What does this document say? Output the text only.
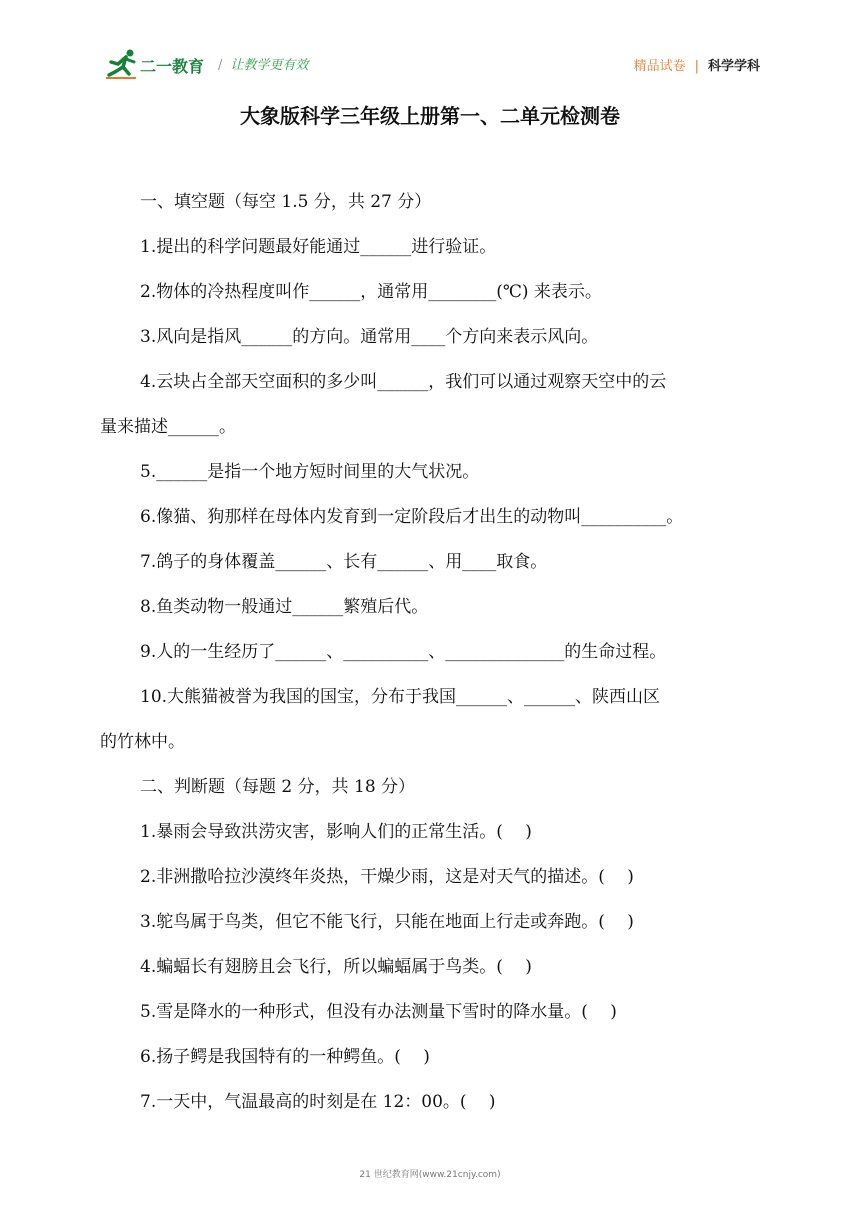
二一教育 / 让教学更有效	精品试卷 | 科学学科
大象版科学三年级上册第一、二单元检测卷
一、填空题（每空 1.5 分，共 27 分）
1.提出的科学问题最好能通过______进行验证。
2.物体的冷热程度叫作______，通常用________(℃) 来表示。
3.风向是指风______的方向。通常用____个方向来表示风向。
4.云块占全部天空面积的多少叫______，我们可以通过观察天空中的云
量来描述______。
5.______是指一个地方短时间里的大气状况。
6.像猫、狗那样在母体内发育到一定阶段后才出生的动物叫__________。
7.鸽子的身体覆盖______、长有______、用____取食。
8.鱼类动物一般通过______繁殖后代。
9.人的一生经历了______、__________、______________的生命过程。
10.大熊猫被誉为我国的国宝，分布于我国______、______、陕西山区
的竹林中。
二、判断题（每题 2 分，共 18 分）
1.暴雨会导致洪涝灾害，影响人们的正常生活。(　 )
2.非洲撒哈拉沙漠终年炎热，干燥少雨，这是对天气的描述。(　 )
3.鸵鸟属于鸟类，但它不能飞行，只能在地面上行走或奔跑。(　 )
4.蝙蝠长有翅膀且会飞行，所以蝙蝠属于鸟类。(　 )
5.雪是降水的一种形式，但没有办法测量下雪时的降水量。(　 )
6.扬子鳄是我国特有的一种鳄鱼。(　 )
7.一天中，气温最高的时刻是在 12：00。(　 )
21 世纪教育网(www.21cnjy.com)
